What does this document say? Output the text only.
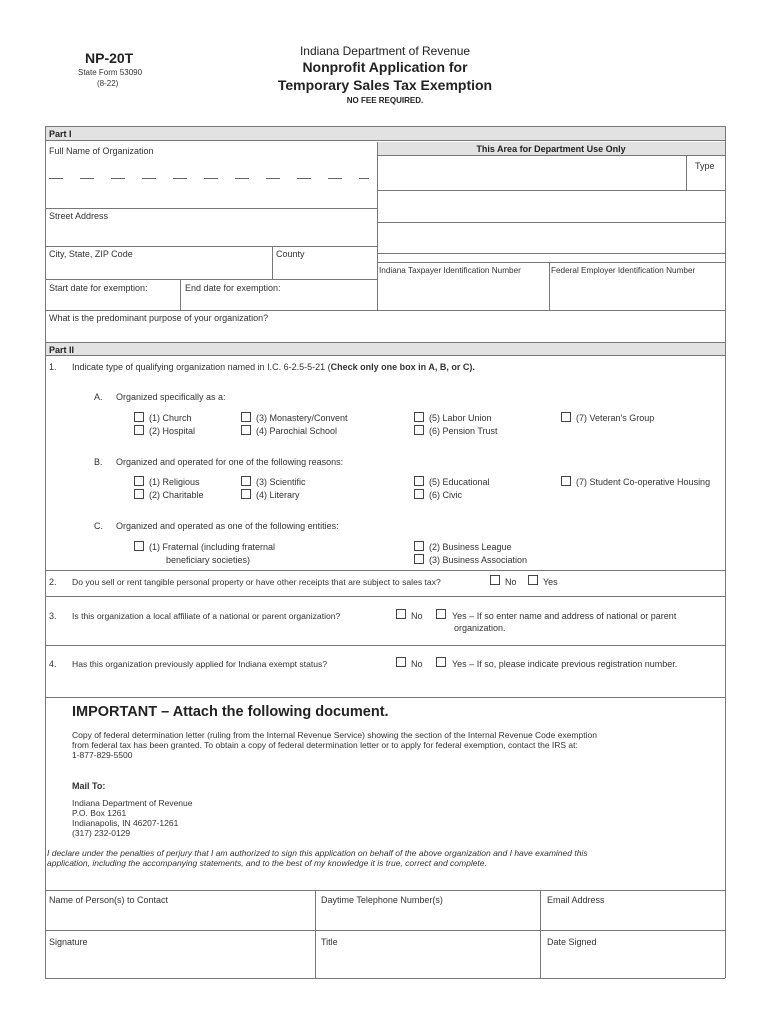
NP-20T
State Form 53090
(8-22)
Indiana Department of Revenue
Nonprofit Application for
Temporary Sales Tax Exemption
NO FEE REQUIRED.
Part I
Full Name of Organization	This Area for Department Use Only
Type
Indiana Taxpayer Identification Number	Federal Employer Identification Number
Street Address
City, State, ZIP Code	County
Start date for exemption:	End date for exemption:
What is the predominant purpose of your organization?
Part II
1. Indicate type of qualifying organization named in I.C. 6-2.5-5-21 (Check only one box in A, B, or C).
A. Organized specifically as a:
(1) Church
(2) Hospital
(3) Monastery/Convent
(4) Parochial School
(5) Labor Union
(6) Pension Trust
(7) Veteran's Group
B. Organized and operated for one of the following reasons:
(1) Religious
(2) Charitable
(3) Scientific
(4) Literary
(5) Educational
(6) Civic
(7) Student Co-operative Housing
C. Organized and operated as one of the following entities:
(1) Fraternal (including fraternal
beneficiary societies)
(2) Business League
(3) Business Association
2. Do you sell or rent tangible personal property or have other receipts that are subject to sales tax?	No	Yes
3. Is this organization a local affiliate of a national or parent organization?	No	Yes – If so enter name and address of national or parent
organization.
4. Has this organization previously applied for Indiana exempt status?	No	Yes – If so, please indicate previous registration number.
IMPORTANT – Attach the following document.
Copy of federal determination letter (ruling from the Internal Revenue Service) showing the section of the Internal Revenue Code exemption
from federal tax has been granted. To obtain a copy of federal determination letter or to apply for federal exemption, contact the IRS at:
1-877-829-5500
Mail To:
Indiana Department of Revenue
P.O. Box 1261
Indianapolis, IN 46207-1261
(317) 232-0129
I declare under the penalties of perjury that I am authorized to sign this application on behalf of the above organization and I have examined this
application, including the accompanying statements, and to the best of my knowledge it is true, correct and complete.
Name of Person(s) to Contact	Daytime Telephone Number(s)	Email Address
Signature	Title	Date Signed
